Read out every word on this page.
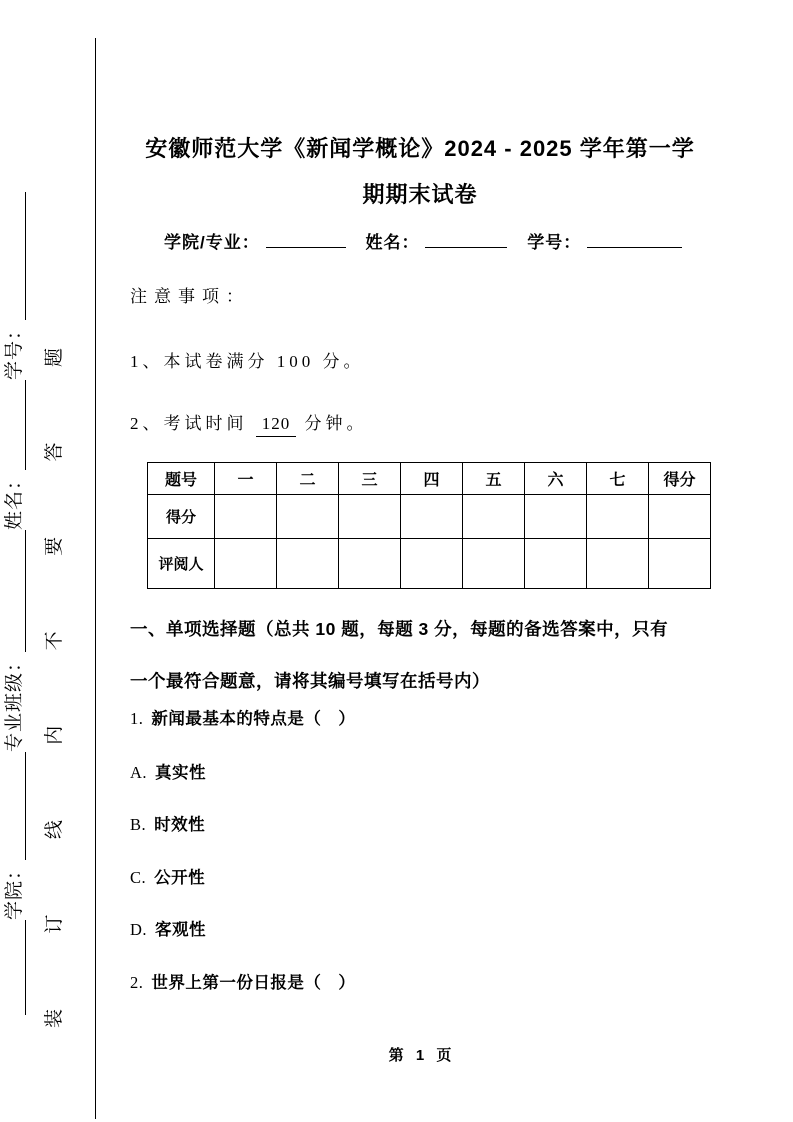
学院：
专业班级：
姓名：
学号：
装
订
线
内
不
要
答
题
安徽师范大学《新闻学概论》2024 - 2025 学年第一学
期期末试卷
学院/专业：	姓名：	学号：
注意事项：
1、本试卷满分 100 分。
2、考试时间 120 分钟。
题号	一	二	三	四	五	六	七	得分
得分								
评阅人								
一、单项选择题（总共 10 题，每题 3 分，每题的备选答案中，只有
一个最符合题意，请将其编号填写在括号内）
1. 新闻最基本的特点是（　）
A. 真实性
B. 时效性
C. 公开性
D. 客观性
2. 世界上第一份日报是（　）
第 1 页
